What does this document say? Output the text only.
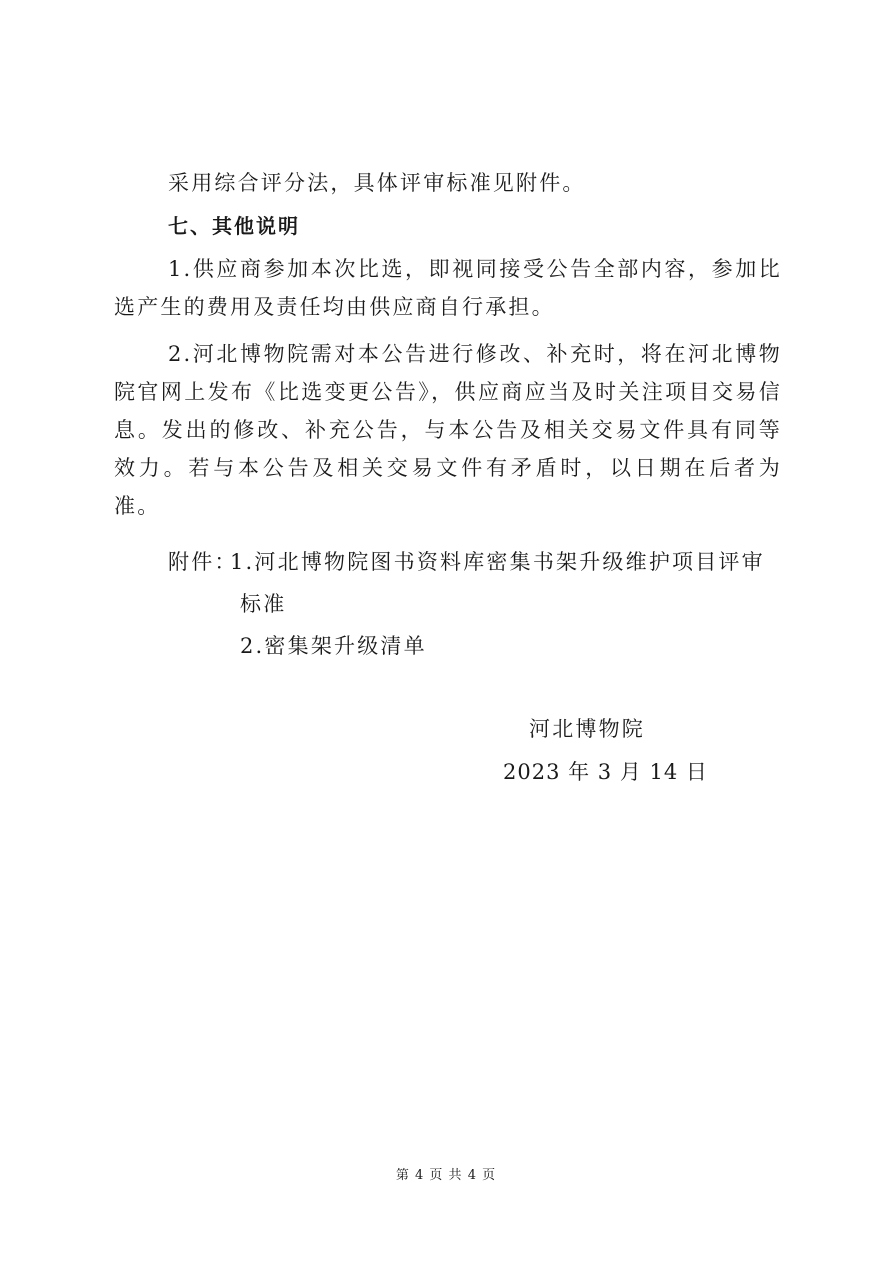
采用综合评分法，具体评审标准见附件。
七、其他说明
1.供应商参加本次比选，即视同接受公告全部内容，参加比选产生的费用及责任均由供应商自行承担。
2.河北博物院需对本公告进行修改、补充时，将在河北博物院官网上发布《比选变更公告》，供应商应当及时关注项目交易信息。发出的修改、补充公告，与本公告及相关交易文件具有同等效力。若与本公告及相关交易文件有矛盾时，以日期在后者为准。
附件：
1.河北博物院图书资料库密集书架升级维护项目评审
标准
2.密集架升级清单
河北博物院
2023 年 3 月 14 日
第 4 页 共 4 页
